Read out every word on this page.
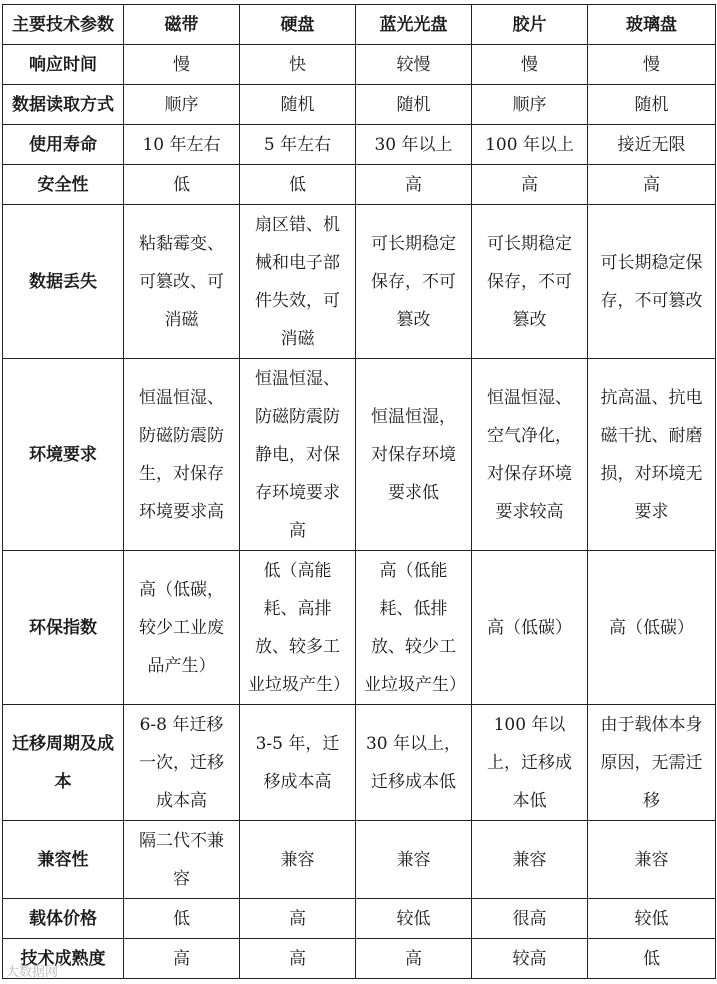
主要技术参数	磁带	硬盘	蓝光光盘	胶片	玻璃盘
响应时间	慢	快	较慢	慢	慢
数据读取方式	顺序	随机	随机	顺序	随机
使用寿命	10 年左右	5 年左右	30 年以上	100 年以上	接近无限
安全性	低	低	高	高	高
数据丢失	粘黏霉变、可篡改、可消磁	扇区错、机械和电子部件失效，可消磁	可长期稳定保存，不可篡改	可长期稳定保存，不可篡改	可长期稳定保存，不可篡改
环境要求	恒温恒湿、防磁防震防生，对保存环境要求高	恒温恒湿、防磁防震防静电，对保存环境要求高	恒温恒湿，对保存环境要求低	恒温恒湿、空气净化，对保存环境要求较高	抗高温、抗电磁干扰、耐磨损，对环境无要求
环保指数	高（低碳，较少工业废品产生）	低（高能耗、高排放、较多工业垃圾产生）	高（低能耗、低排放、较少工业垃圾产生）	高（低碳）	高（低碳）
迁移周期及成本	6-8 年迁移一次，迁移成本高	3-5 年，迁移成本高	30 年以上，迁移成本低	100 年以上，迁移成本低	由于载体本身原因，无需迁移
兼容性	隔二代不兼容	兼容	兼容	兼容	兼容
载体价格	低	高	较低	很高	较低
技术成熟度	高	高	高	较高	低
大数据网
